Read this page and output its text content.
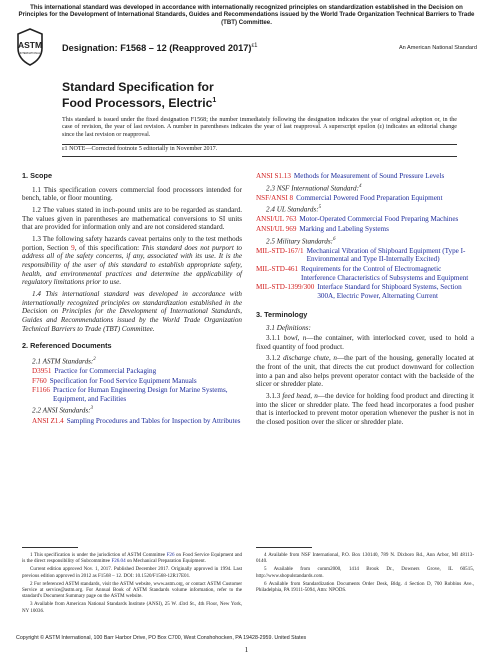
This international standard was developed in accordance with internationally recognized principles on standardization established in the Decision on Principles for the Development of International Standards, Guides and Recommendations issued by the World Trade Organization Technical Barriers to Trade (TBT) Committee.
ASTM
INTERNATIONAL
Designation: F1568 – 12 (Reapproved 2017)$^{\varepsilon 1}$	An American National Standard
Standard Specification for
Food Processors, Electric$^1$
This standard is issued under the fixed designation F1568; the number immediately following the designation indicates the year of original adoption or, in the case of revision, the year of last revision. A number in parentheses indicates the year of last reapproval. A superscript epsilon (ε) indicates an editorial change since the last revision or reapproval.
ε1 NOTE—Corrected footnote 5 editorially in November 2017.
1. Scope

1.1 This specification covers commercial food processors intended for bench, table, or floor mounting.

1.2 The values stated in inch-pound units are to be regarded as standard. The values given in parentheses are mathematical conversions to SI units that are provided for information only and are not considered standard.

1.3 The following safety hazards caveat pertains only to the test methods portion, Section 9, of this specification: This standard does not purport to address all of the safety concerns, if any, associated with its use. It is the responsibility of the user of this standard to establish appropriate safety, health, and environmental practices and determine the applicability of regulatory limitations prior to use.

1.4 This international standard was developed in accordance with internationally recognized principles on standardization established in the Decision on Principles for the Development of International Standards, Guides and Recommendations issued by the World Trade Organization Technical Barriers to Trade (TBT) Committee.

2. Referenced Documents
2.1 ASTM Standards:$^2$
D3951 Practice for Commercial Packaging
F760 Specification for Food Service Equipment Manuals
F1166 Practice for Human Engineering Design for Marine Systems, Equipment, and Facilities
2.2 ANSI Standards:$^3$
ANSI Z1.4 Sampling Procedures and Tables for Inspection by Attributes
ANSI S1.13 Methods for Measurement of Sound Pressure Levels
2.3 NSF International Standard:$^4$
NSF/ANSI 8 Commercial Powered Food Preparation Equipment
2.4 UL Standards:$^5$
ANSI/UL 763 Motor-Operated Commercial Food Preparing Machines
ANSI/UL 969 Marking and Labeling Systems
2.5 Military Standards:$^6$
MIL-STD-167/1 Mechanical Vibration of Shipboard Equipment (Type I-Environmental and Type II-Internally Excited)
MIL-STD-461 Requirements for the Control of Electromagnetic Interference Characteristics of Subsystems and Equipment
MIL-STD-1399/300 Interface Standard for Shipboard Systems, Section 300A, Electric Power, Alternating Current
3. Terminology
3.1 Definitions:

3.1.1 bowl, n—the container, with interlocked cover, used to hold a fixed quantity of food product.

3.1.2 discharge chute, n—the part of the housing, generally located at the front of the unit, that directs the cut product downward for collection into a pan and also helps prevent operator contact with the backside of the slicer or shredder plate.

3.1.3 feed head, n—the device for holding food product and directing it into the slicer or shredder plate. The feed head incorporates a food pusher that is interlocked to prevent motor operation whenever the pusher is not in the closed position over the slicer or shredder plate.

1 This specification is under the jurisdiction of ASTM Committee F26 on Food Service Equipment and is the direct responsibility of Subcommittee F26.04 on Mechanical Preparation Equipment.

Current edition approved Nov. 1, 2017. Published December 2017. Originally approved in 1994. Last previous edition approved in 2012 as F1568 – 12. DOI: 10.1520/F1568-12R17E01.

2 For referenced ASTM standards, visit the ASTM website, www.astm.org, or contact ASTM Customer Service at service@astm.org. For Annual Book of ASTM Standards volume information, refer to the standard's Document Summary page on the ASTM website.

3 Available from American National Standards Institute (ANSI), 25 W. 43rd St., 4th Floor, New York, NY 10036.

4 Available from NSF International, P.O. Box 130140, 789 N. Dixboro Rd., Ann Arbor, MI 48113-0140.

5 Available from comm2000, 1414 Brook Dr., Downers Grove, IL 60515, http://www.shopulstandards.com.

6 Available from Standardization Documents Order Desk, Bldg. 4 Section D, 700 Robbins Ave., Philadelphia, PA 19111-5094, Attn: NPODS.

Copyright © ASTM International, 100 Barr Harbor Drive, PO Box C700, West Conshohocken, PA 19428-2959. United States
1
